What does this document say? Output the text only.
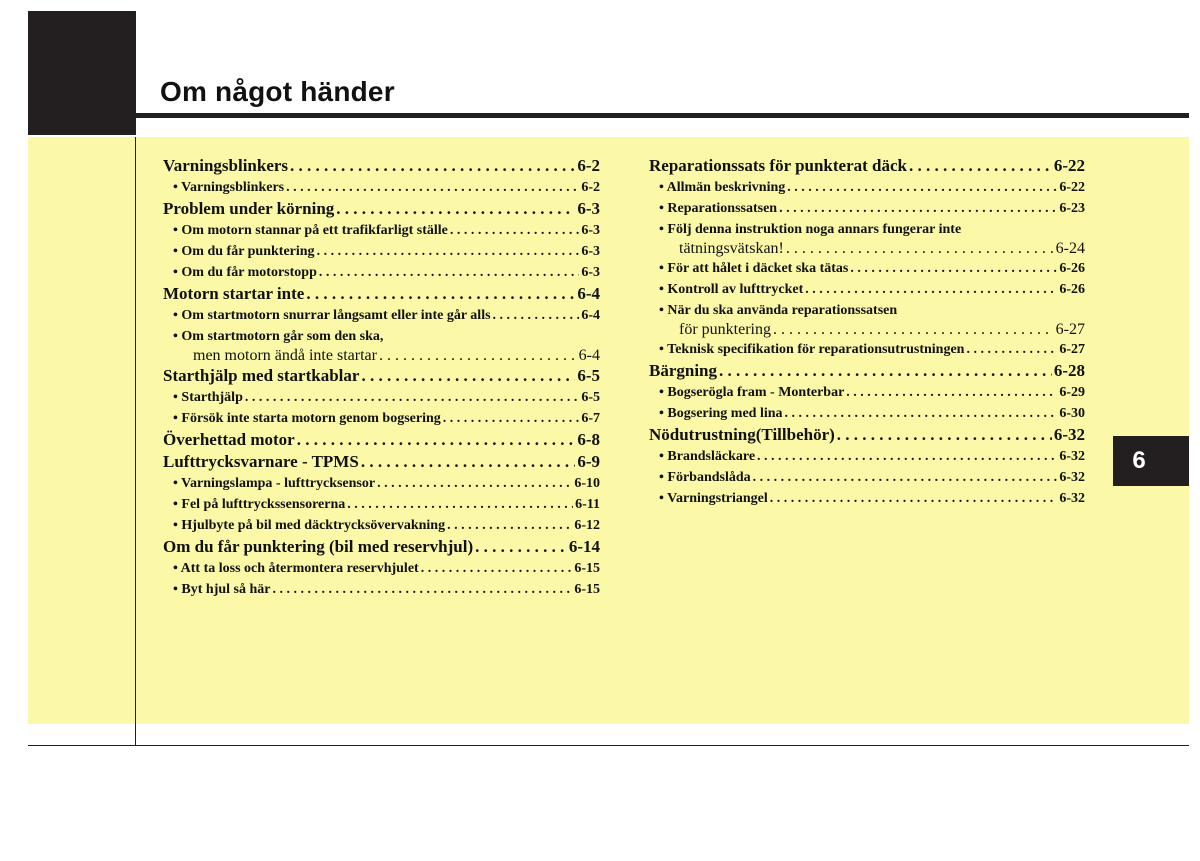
Om något händer
6
Varningsblinkers . . .	6-2
• Varningsblinkers . . .	6-2
Problem under körning . . .	6-3
• Om motorn stannar på ett trafikfarligt ställe . . .	6-3
• Om du får punktering . . .	6-3
• Om du får motorstopp . . .	6-3
Motorn startar inte . . .	6-4
• Om startmotorn snurrar långsamt eller inte går alls . . .	6-4
• Om startmotorn går som den ska,
men motorn ändå inte startar . . .	6-4
Starthjälp med startkablar . . .	6-5
• Starthjälp . . .	6-5
• Försök inte starta motorn genom bogsering . . .	6-7
Överhettad motor . . .	6-8
Lufttrycksvarnare - TPMS . . .	6-9
• Varningslampa - lufttrycksensor . . .	6-10
• Fel på lufttryckssensorerna . . .	6-11
• Hjulbyte på bil med däcktrycksövervakning . . .	6-12
Om du får punktering (bil med reservhjul) . . .	6-14
• Att ta loss och återmontera reservhjulet . . .	6-15
• Byt hjul så här . . .	6-15
Reparationssats för punkterat däck . . .	6-22
• Allmän beskrivning . . .	6-22
• Reparationssatsen . . .	6-23
• Följ denna instruktion noga annars fungerar inte
tätningsvätskan! . . .	6-24
• För att hålet i däcket ska tätas . . .	6-26
• Kontroll av lufttrycket . . .	6-26
• När du ska använda reparationssatsen
för punktering . . .	6-27
• Teknisk specifikation för reparationsutrustningen . . .	6-27
Bärgning . . .	6-28
• Bogserögla fram - Monterbar . . .	6-29
• Bogsering med lina . . .	6-30
Nödutrustning(Tillbehör) . . .	6-32
• Brandsläckare . . .	6-32
• Förbandslåda . . .	6-32
• Varningstriangel . . .	6-32
